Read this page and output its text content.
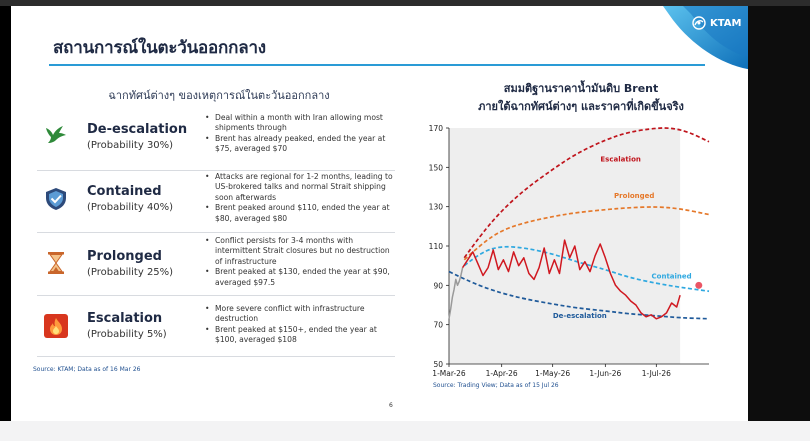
สถานการณ์ในตะวันออกกลาง
KTAM
ฉากทัศน์ต่างๆ ของเหตุการณ์ในตะวันออกกลาง
De-escalation
(Probability 30%)
• Deal within a month with Iran allowing most shipments through
• Brent has already peaked, ended the year at $75, averaged $70
Contained
(Probability 40%)
• Attacks are regional for 1-2 months, leading to US-brokered talks and normal Strait shipping soon afterwards
• Brent peaked around $110, ended the year at $80, averaged $80
Prolonged
(Probability 25%)
• Conflict persists for 3-4 months with intermittent Strait closures but no destruction of infrastructure
• Brent peaked at $130, ended the year at $90, averaged $97.5
Escalation
(Probability 5%)
• More severe conflict with infrastructure destruction
• Brent peaked at $150+, ended the year at $100, averaged $108
Source: KTAM; Data as of 16 Mar 26
6
สมมติฐานราคาน้ำมันดิบ Brent
ภายใต้ฉากทัศน์ต่างๆ และราคาที่เกิดขึ้นจริง
50
70
90
110
130
150
170
1-Mar-26	1-Apr-26 1-May-26	1-Jun-26	1-Jul-26
Escalation
Prolonged
Contained
De-escalation
Source: Trading View; Data as of 15 Jul 26
